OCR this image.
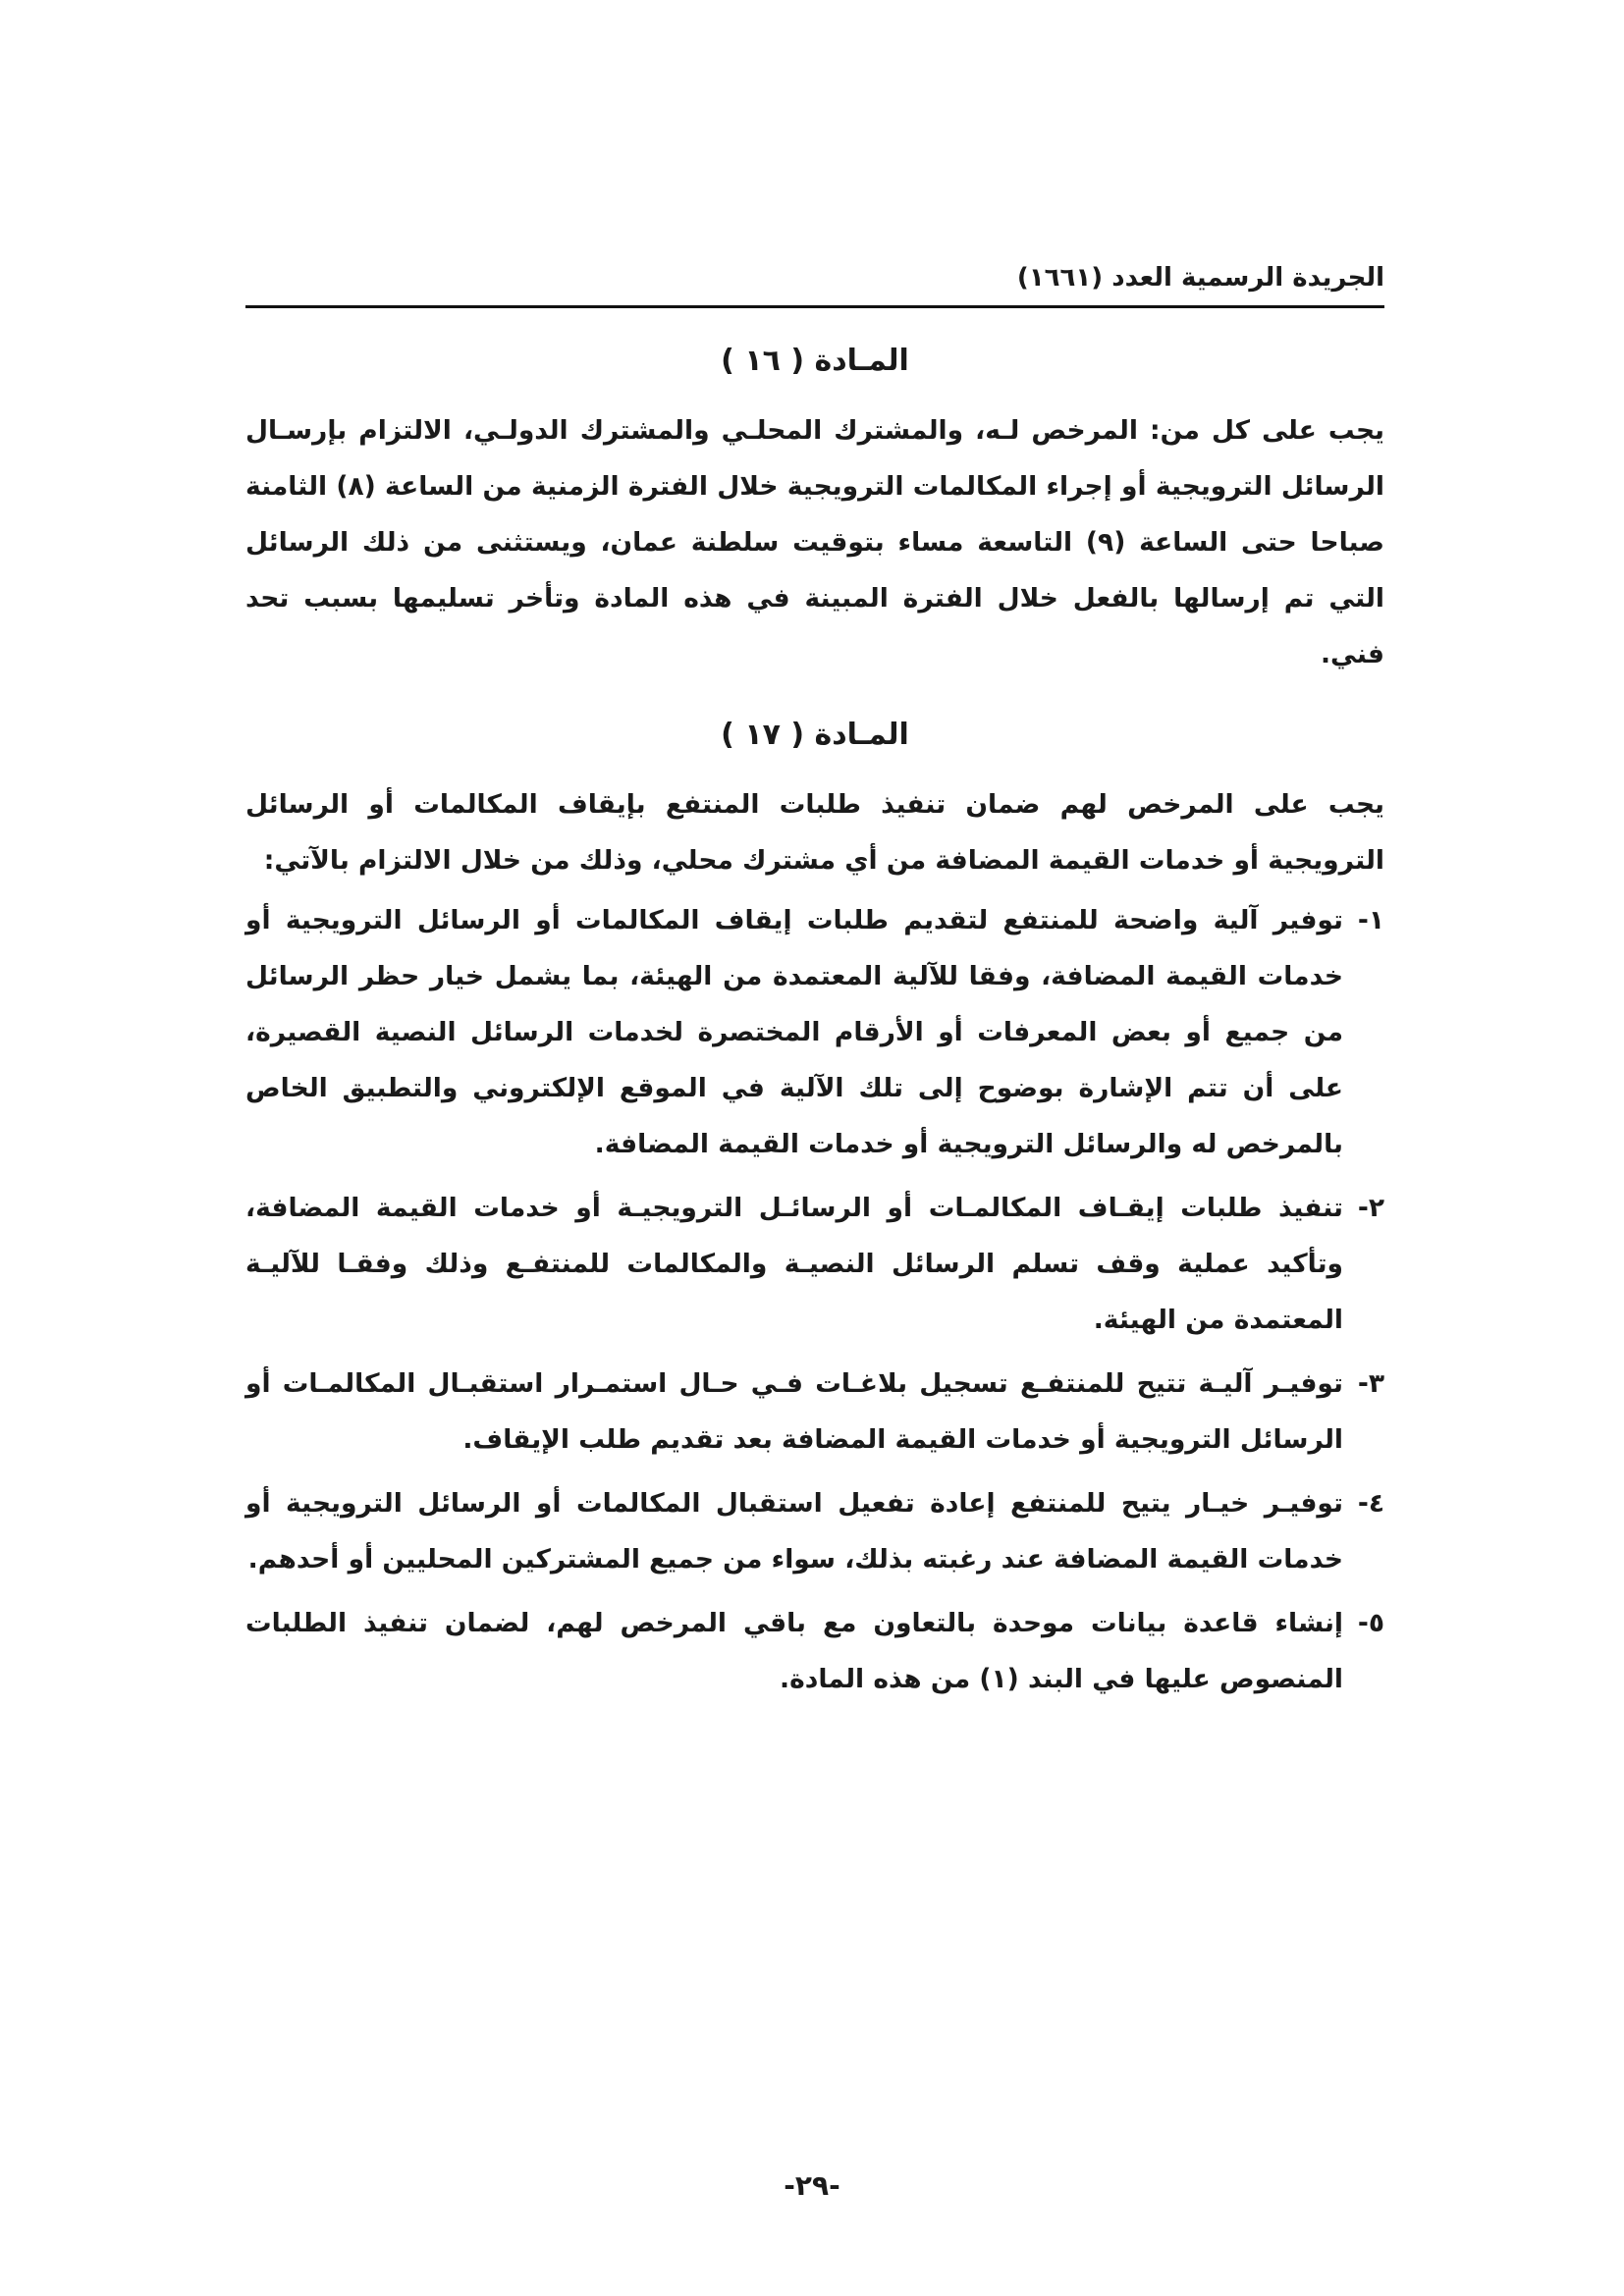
الجريدة الرسمية العدد (١٦٦١)
المـادة ( ١٦ )

يجب على كل من: المرخص لـه، والمشترك المحلـي والمشترك الدولـي، الالتزام بإرسـال الرسائل الترويجية أو إجراء المكالمات الترويجية خلال الفترة الزمنية من الساعة (٨) الثامنة صباحا حتى الساعة (٩) التاسعة مساء بتوقيت سلطنة عمان، ويستثنى من ذلك الرسائل التي تم إرسالها بالفعل خلال الفترة المبينة في هذه المادة وتأخر تسليمها بسبب تحد فني.

المـادة ( ١٧ )

يجب على المرخص لهم ضمان تنفيذ طلبات المنتفع بإيقاف المكالمات أو الرسائل الترويجية أو خدمات القيمة المضافة من أي مشترك محلي، وذلك من خلال الالتزام بالآتي:

١-
توفير آلية واضحة للمنتفع لتقديم طلبات إيقاف المكالمات أو الرسائل الترويجية أو خدمات القيمة المضافة، وفقا للآلية المعتمدة من الهيئة، بما يشمل خيار حظر الرسائل من جميع أو بعض المعرفات أو الأرقام المختصرة لخدمات الرسائل النصية القصيرة، على أن تتم الإشارة بوضوح إلى تلك الآلية في الموقع الإلكتروني والتطبيق الخاص بالمرخص له والرسائل الترويجية أو خدمات القيمة المضافة.
٢-
تنفيذ طلبات إيقـاف المكالمـات أو الرسائـل الترويجيـة أو خدمات القيمة المضافة، وتأكيد عملية وقف تسلم الرسائل النصيـة والمكالمات للمنتفـع وذلك وفقـا للآليـة المعتمدة من الهيئة.
٣-
توفيـر آليـة تتيح للمنتفـع تسجيل بلاغـات فـي حـال استمـرار استقبـال المكالمـات أو الرسائل الترويجية أو خدمات القيمة المضافة بعد تقديم طلب الإيقاف.
٤-
توفيـر خيـار يتيح للمنتفع إعادة تفعيل استقبال المكالمات أو الرسائل الترويجية أو خدمات القيمة المضافة عند رغبته بذلك، سواء من جميع المشتركين المحليين أو أحدهم.
٥-
إنشاء قاعدة بيانات موحدة بالتعاون مع باقي المرخص لهم، لضمان تنفيذ الطلبات المنصوص عليها في البند (١) من هذه المادة.
-٢٩-
